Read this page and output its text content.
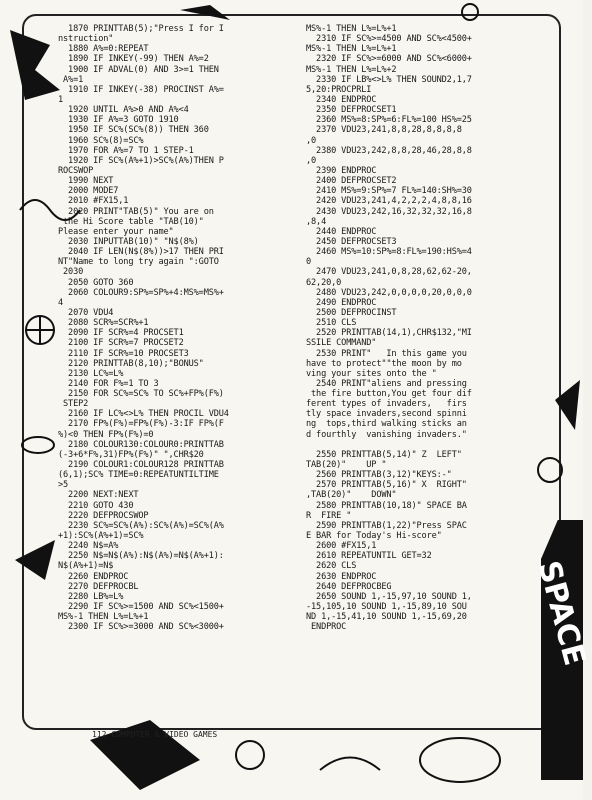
1870 PRINTTAB(5);"Press I for I
nstruction"
1880 A%=0:REPEAT
1890 IF INKEY(-99) THEN A%=2
1900 IF ADVAL(0) AND 3>=1 THEN
A%=1
1910 IF INKEY(-38) PROCINST A%=
1
1920 UNTIL A%>0 AND A%<4
1930 IF A%=3 GOTO 1910
1950 IF SC%(SC%(8)) THEN 360
1960 SC%(8)=SC%
1970 FOR A%=7 TO 1 STEP-1
1920 IF SC%(A%+1)>SC%(A%)THEN P
ROCSWOP
1990 NEXT
2000 MODE7
2010 #FX15,1
2020 PRINT"TAB(5)" You are on
the Hi Score table "TAB(10)"
Please enter your name"
2030 INPUTTAB(10)" "N$(8%)
2040 IF LEN(N$(8%))>17 THEN PRI
NT"Name to long try again ":GOTO
2030
2050 GOTO 360
2060 COLOUR9:SP%=SP%+4:MS%=MS%+
4
2070 VDU4
2080 SCR%=SCR%+1
2090 IF SCR%=4 PROCSET1
2100 IF SCR%=7 PROCSET2
2110 IF SCR%=10 PROCSET3
2120 PRINTTAB(8,10);"BONUS"
2130 LC%=L%
2140 FOR F%=1 TO 3
2150 FOR SC%=SC% TO SC%+FP%(F%)
STEP2
2160 IF LC%<>L% THEN PROCIL VDU4
2170 FP%(F%)=FP%(F%)-3:IF FP%(F
%)<0 THEN FP%(F%)=0
2180 COLOUR130:COLOUR0:PRINTTAB
(-3+6*F%,31)FP%(F%)" ",CHR$20
2190 COLOUR1:COLOUR128 PRINTTAB
(6,1);SC% TIME=0:REPEATUNTILTIME
>5
2200 NEXT:NEXT
2210 GOTO 430
2220 DEFPROCSWOP
2230 SC%=SC%(A%):SC%(A%)=SC%(A%
+1):SC%(A%+1)=SC%
2240 N$=A%
2250 N$=N$(A%):N$(A%)=N$(A%+1):
N$(A%+1)=N$
2260 ENDPROC
2270 DEFPROCBL
2280 LB%=L%
2290 IF SC%>=1500 AND SC%<1500+
MS%-1 THEN L%=L%+1
2300 IF SC%>=3000 AND SC%<3000+
MS%-1 THEN L%=L%+1
2310 IF SC%>=4500 AND SC%<4500+
MS%-1 THEN L%=L%+1
2320 IF SC%>=6000 AND SC%<6000+
MS%-1 THEN L%=L%+2
2330 IF LB%<>L% THEN SOUND2,1,7
5,20:PROCPRLI
2340 ENDPROC
2350 DEFPROCSET1
2360 MS%=8:SP%=6:FL%=100 HS%=25
2370 VDU23,241,8,8,28,8,8,8,8
,0
2380 VDU23,242,8,8,28,46,28,8,8
,0
2390 ENDPROC
2400 DEFPROCSET2
2410 MS%=9:SP%=7 FL%=140:SH%=30
2420 VDU23,241,4,2,2,2,4,8,8,16
2430 VDU23,242,16,32,32,32,16,8
,8,4
2440 ENDPROC
2450 DEFPROCSET3
2460 MS%=10:SP%=8:FL%=190:HS%=4
0
2470 VDU23,241,0,8,28,62,62-20,
62,20,0
2480 VDU23,242,0,0,0,0,20,0,0,0
2490 ENDPROC
2500 DEFPROCINST
2510 CLS
2520 PRINTTAB(14,1),CHR$132,"MI
SSILE COMMAND"
2530 PRINT"   In this game you
have to protect""the moon by mo
ving your sites onto the "
2540 PRINT"aliens and pressing
the fire button,You get four dif
ferent types of invaders,   firs
tly space invaders,second spinni
ng  tops,third walking sticks an
d fourthly  vanishing invaders."
2550 PRINTTAB(5,14)" Z  LEFT"
TAB(20)"    UP "
2560 PRINTTAB(3,12)"KEYS:-"
2570 PRINTTAB(5,16)" X  RIGHT"
,TAB(20)"    DOWN"
2580 PRINTTAB(10,18)" SPACE BA
R  FIRE "
2590 PRINTTAB(1,22)"Press SPAC
E BAR for Today's Hi-score"
2600 #FX15,1
2610 REPEATUNTIL GET=32
2620 CLS
2630 ENDPROC
2640 DEFPROCBEG
2650 SOUND 1,-15,97,10 SOUND 1,
-15,105,10 SOUND 1,-15,89,10 SOU
ND 1,-15,41,10 SOUND 1,-15,69,20
ENDPROC
112 COMPUTER & VIDEO GAMES
SPACE
